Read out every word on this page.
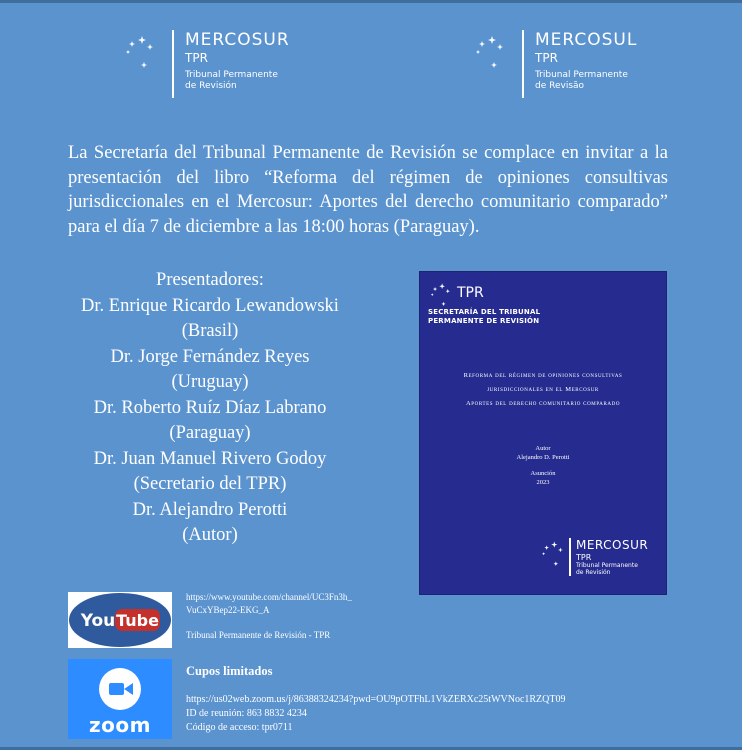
MERCOSUR
TPR
Tribunal Permanente
de Revisión
MERCOSUL
TPR
Tribunal Permanente
de Revisão
La Secretaría del Tribunal Permanente de Revisión se complace en invitar a la presentación del libro “Reforma del régimen de opiniones consultivas jurisdiccionales en el Mercosur: Aportes del derecho comunitario comparado” para el día 7 de diciembre a las 18:00 horas (Paraguay).
Presentadores:
Dr. Enrique Ricardo Lewandowski
(Brasil)
Dr. Jorge Fernández Reyes
(Uruguay)
Dr. Roberto Ruíz Díaz Labrano
(Paraguay)
Dr. Juan Manuel Rivero Godoy
(Secretario del TPR)
Dr. Alejandro Perotti
(Autor)
TPR
SECRETARÍA DEL TRIBUNAL
PERMANENTE DE REVISIÓN
Reforma del régimen de opiniones consultivas
jurisdiccionales en el Mercosur
Aportes del derecho comunitario comparado
Autor
Alejandro D. Perotti
Asunción
2023
MERCOSUR
TPR
Tribunal Permanente
de Revisión
You Tube
https://www.youtube.com/channel/UC3Fn3h_
VuCxYBep22-EKG_A
Tribunal Permanente de Revisión - TPR
zoom
Cupos limitados
https://us02web.zoom.us/j/86388324234?pwd=OU9pOTFhL1VkZERXc25tWVNoc1RZQT09
ID de reunión: 863 8832 4234
Código de acceso: tpr0711
